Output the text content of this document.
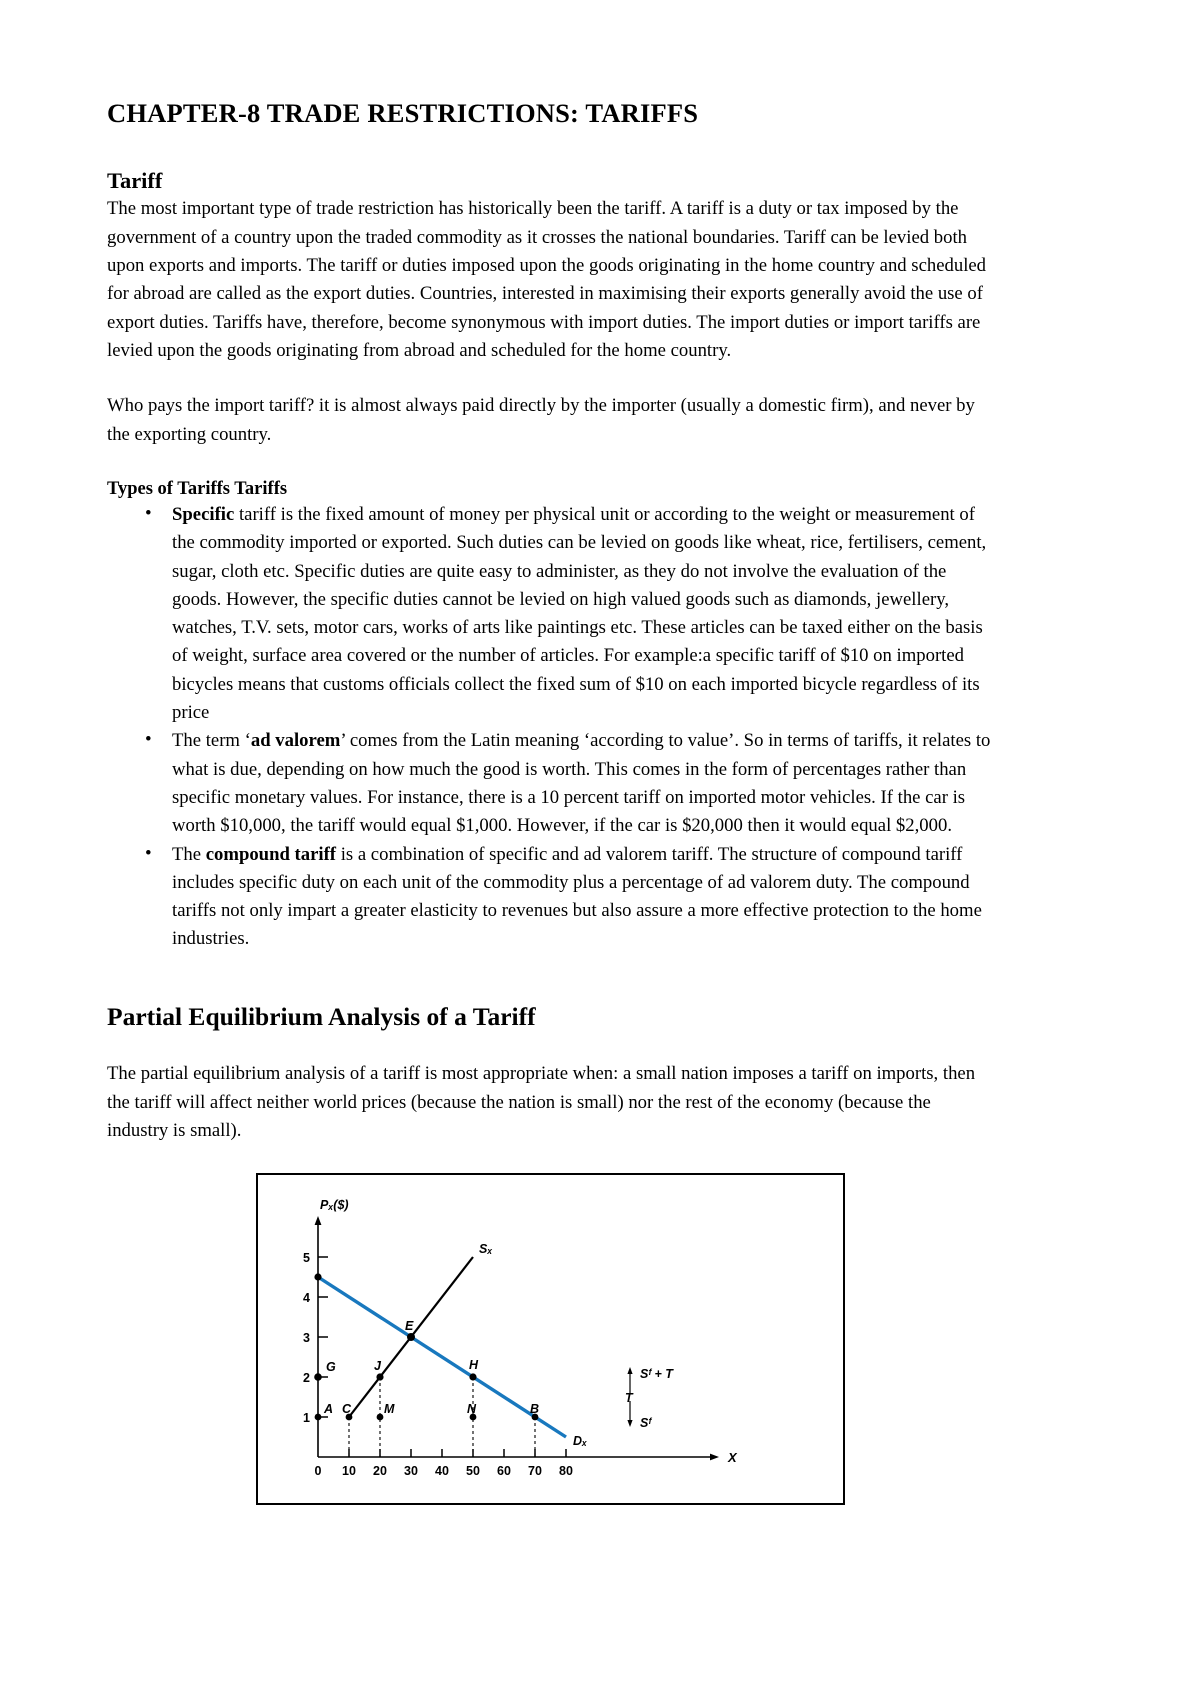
CHAPTER-8 TRADE RESTRICTIONS: TARIFFS
Tariff

The most important type of trade restriction has historically been the tariff. A tariff is a duty or tax imposed by the government of a country upon the traded commodity as it crosses the national boundaries. Tariff can be levied both upon exports and imports. The tariff or duties imposed upon the goods originating in the home country and scheduled for abroad are called as the export duties. Countries, interested in maximising their exports generally avoid the use of export duties. Tariffs have, therefore, become synonymous with import duties. The import duties or import tariffs are levied upon the goods originating from abroad and scheduled for the home country.

Who pays the import tariff? it is almost always paid directly by the importer (usually a domestic firm), and never by the exporting country.

Types of Tariffs Tariffs
• Specific tariff is the fixed amount of money per physical unit or according to the weight or measurement of the commodity imported or exported. Such duties can be levied on goods like wheat, rice, fertilisers, cement, sugar, cloth etc. Specific duties are quite easy to administer, as they do not involve the evaluation of the goods. However, the specific duties cannot be levied on high valued goods such as diamonds, jewellery, watches, T.V. sets, motor cars, works of arts like paintings etc. These articles can be taxed either on the basis of weight, surface area covered or the number of articles. For example:a specific tariff of $10 on imported bicycles means that customs officials collect the fixed sum of $10 on each imported bicycle regardless of its price
• The term ‘ad valorem’ comes from the Latin meaning ‘according to value’. So in terms of tariffs, it relates to what is due, depending on how much the good is worth. This comes in the form of percentages rather than specific monetary values. For instance, there is a 10 percent tariff on imported motor vehicles. If the car is worth $10,000, the tariff would equal $1,000. However, if the car is $20,000 then it would equal $2,000.
• The compound tariff is a combination of specific and ad valorem tariff. The structure of compound tariff includes specific duty on each unit of the commodity plus a percentage of ad valorem duty. The compound tariffs not only impart a greater elasticity to revenues but also assure a more effective protection to the home industries.
Partial Equilibrium Analysis of a Tariff

The partial equilibrium analysis of a tariff is most appropriate when: a small nation imposes a tariff on imports, then the tariff will affect neither world prices (because the nation is small) nor the rest of the economy (because the industry is small).

1
2
3
4
5
0 10 20 30 40 50 60 70 80
Pₓ($)
X
Dₓ
Sₓ
A C	M	N	B
G	J	H
E
T
Sᶠ + T
Sᶠ
